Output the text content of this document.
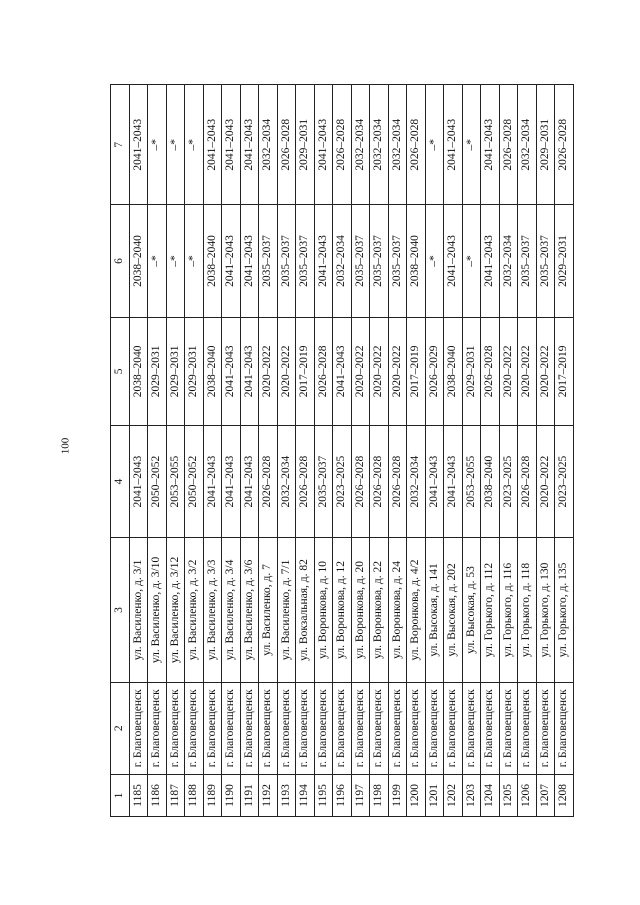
100
1	2	3	4	5	6	7
1185	г. Благовещенск	ул. Василенко, д. 3/1	2041–2043	2038–2040	2038–2040	2041–2043
1186	г. Благовещенск	ул. Василенко, д. 3/10	2050–2052	2029–2031	–*	–*
1187	г. Благовещенск	ул. Василенко, д. 3/12	2053–2055	2029–2031	–*	–*
1188	г. Благовещенск	ул. Василенко, д. 3/2	2050–2052	2029–2031	–*	–*
1189	г. Благовещенск	ул. Василенко, д. 3/3	2041–2043	2038–2040	2038–2040	2041–2043
1190	г. Благовещенск	ул. Василенко, д. 3/4	2041–2043	2041–2043	2041–2043	2041–2043
1191	г. Благовещенск	ул. Василенко, д. 3/6	2041–2043	2041–2043	2041–2043	2041–2043
1192	г. Благовещенск	ул. Василенко, д. 7	2026–2028	2020–2022	2035–2037	2032–2034
1193	г. Благовещенск	ул. Василенко, д. 7/1	2032–2034	2020–2022	2035–2037	2026–2028
1194	г. Благовещенск	ул. Вокзальная, д. 82	2026–2028	2017–2019	2035–2037	2029–2031
1195	г. Благовещенск	ул. Воронкова, д. 10	2035–2037	2026–2028	2041–2043	2041–2043
1196	г. Благовещенск	ул. Воронкова, д. 12	2023–2025	2041–2043	2032–2034	2026–2028
1197	г. Благовещенск	ул. Воронкова, д. 20	2026–2028	2020–2022	2035–2037	2032–2034
1198	г. Благовещенск	ул. Воронкова, д. 22	2026–2028	2020–2022	2035–2037	2032–2034
1199	г. Благовещенск	ул. Воронкова, д. 24	2026–2028	2020–2022	2035–2037	2032–2034
1200	г. Благовещенск	ул. Воронкова, д. 4/2	2032–2034	2017–2019	2038–2040	2026–2028
1201	г. Благовещенск	ул. Высокая, д. 141	2041–2043	2026–2029	–*	–*
1202	г. Благовещенск	ул. Высокая, д. 202	2041–2043	2038–2040	2041–2043	2041–2043
1203	г. Благовещенск	ул. Высокая, д. 53	2053–2055	2029–2031	–*	–*
1204	г. Благовещенск	ул. Горького, д. 112	2038–2040	2026–2028	2041–2043	2041–2043
1205	г. Благовещенск	ул. Горького, д. 116	2023–2025	2020–2022	2032–2034	2026–2028
1206	г. Благовещенск	ул. Горького, д. 118	2026–2028	2020–2022	2035–2037	2032–2034
1207	г. Благовещенск	ул. Горького, д. 130	2020–2022	2020–2022	2035–2037	2029–2031
1208	г. Благовещенск	ул. Горького, д. 135	2023–2025	2017–2019	2029–2031	2026–2028
